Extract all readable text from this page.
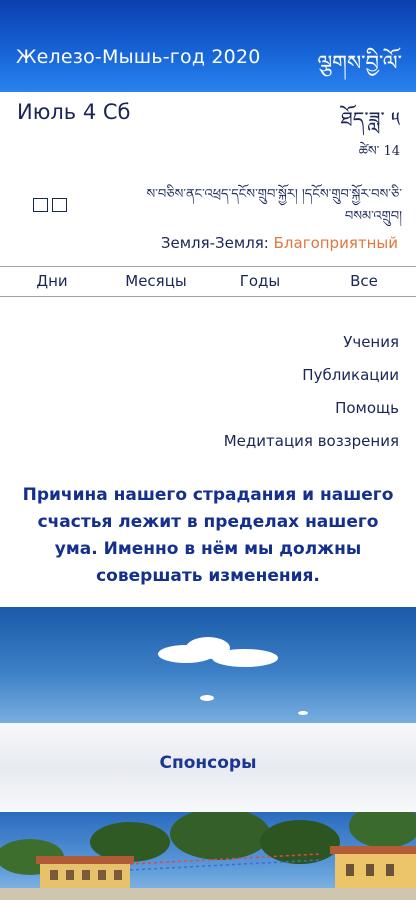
Железо-Мышь-год 2020	ལྕགས་བྱི་ལོ་
Июль 4 Сб	ཐོད་ཟླ་ ༥
ཚེས་ 14
ས་བཅིས་ནང་འཕྲད་དངོས་གྲུབ་སྐྱོར། །དངོས་གྲུབ་སྐྱོར་བས་ཅི་བསམ་འགྲུབ།
Земля-Земля: Благоприятный
Дни	Месяцы	Годы	Все
Учения
Публикации
Помощь
Медитация воззрения
Причина нашего страдания и нашего счастья лежит в пределах нашего ума. Именно в нём мы должны совершать изменения.
Спонсоры
